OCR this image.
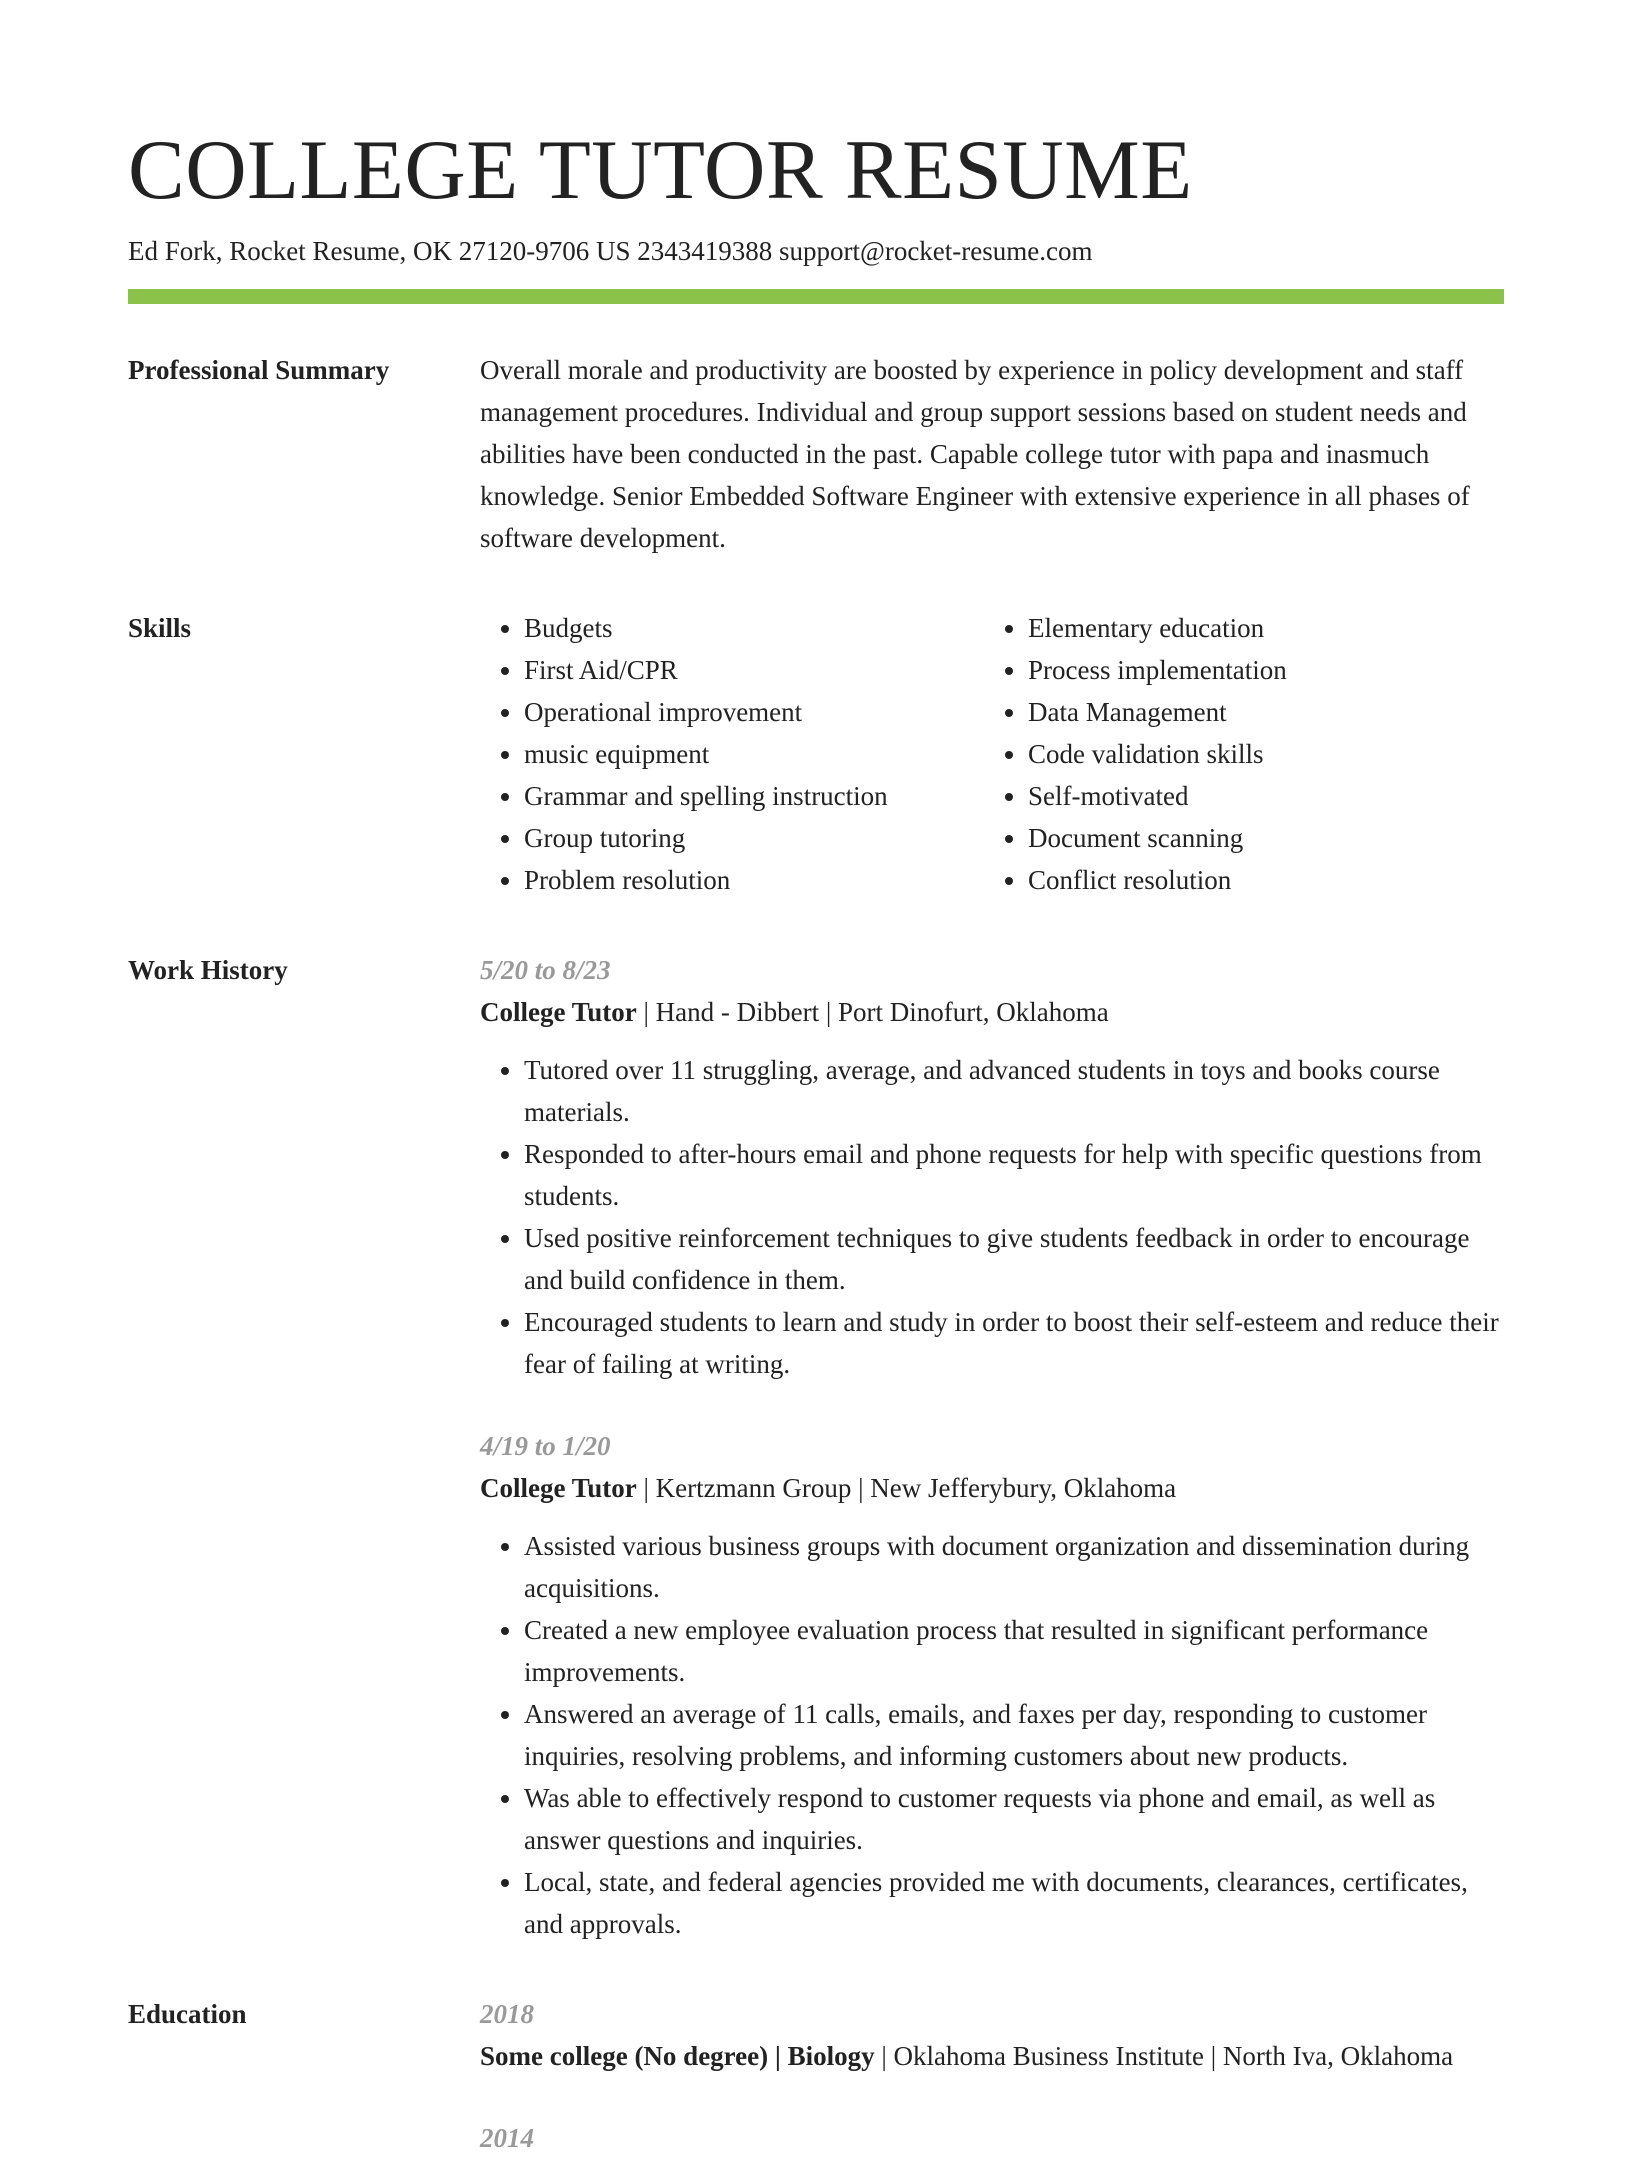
COLLEGE TUTOR RESUME
Ed Fork, Rocket Resume, OK 27120-9706 US 2343419388 support@rocket-resume.com
Professional Summary	Overall morale and productivity are boosted by experience in policy development and staff management procedures. Individual and group support sessions based on student needs and abilities have been conducted in the past. Capable college tutor with papa and inasmuch knowledge. Senior Embedded Software Engineer with extensive experience in all phases of software development.

Skills
•	Budgets
• First Aid/CPR
• Operational improvement
• music equipment
• Grammar and spelling instruction
• Group tutoring
• Problem resolution
• Elementary education
• Process implementation
• Data Management
• Code validation skills
• Self-motivated
• Document scanning
• Conflict resolution
Work History	5/20 to 8/23
College Tutor | Hand - Dibbert | Port Dinofurt, Oklahoma
• Tutored over 11 struggling, average, and advanced students in toys and books course materials.
• Responded to after-hours email and phone requests for help with specific questions from students.
• Used positive reinforcement techniques to give students feedback in order to encourage and build confidence in them.
• Encouraged students to learn and study in order to boost their self-esteem and reduce their fear of failing at writing.
4/19 to 1/20
College Tutor | Kertzmann Group | New Jefferybury, Oklahoma
• Assisted various business groups with document organization and dissemination during acquisitions.
• Created a new employee evaluation process that resulted in significant performance improvements.
• Answered an average of 11 calls, emails, and faxes per day, responding to customer inquiries, resolving problems, and informing customers about new products.
• Was able to effectively respond to customer requests via phone and email, as well as answer questions and inquiries.
• Local, state, and federal agencies provided me with documents, clearances, certificates, and approvals.
Education	2018
Some college (No degree) | Biology | Oklahoma Business Institute | North Iva, Oklahoma
2014
